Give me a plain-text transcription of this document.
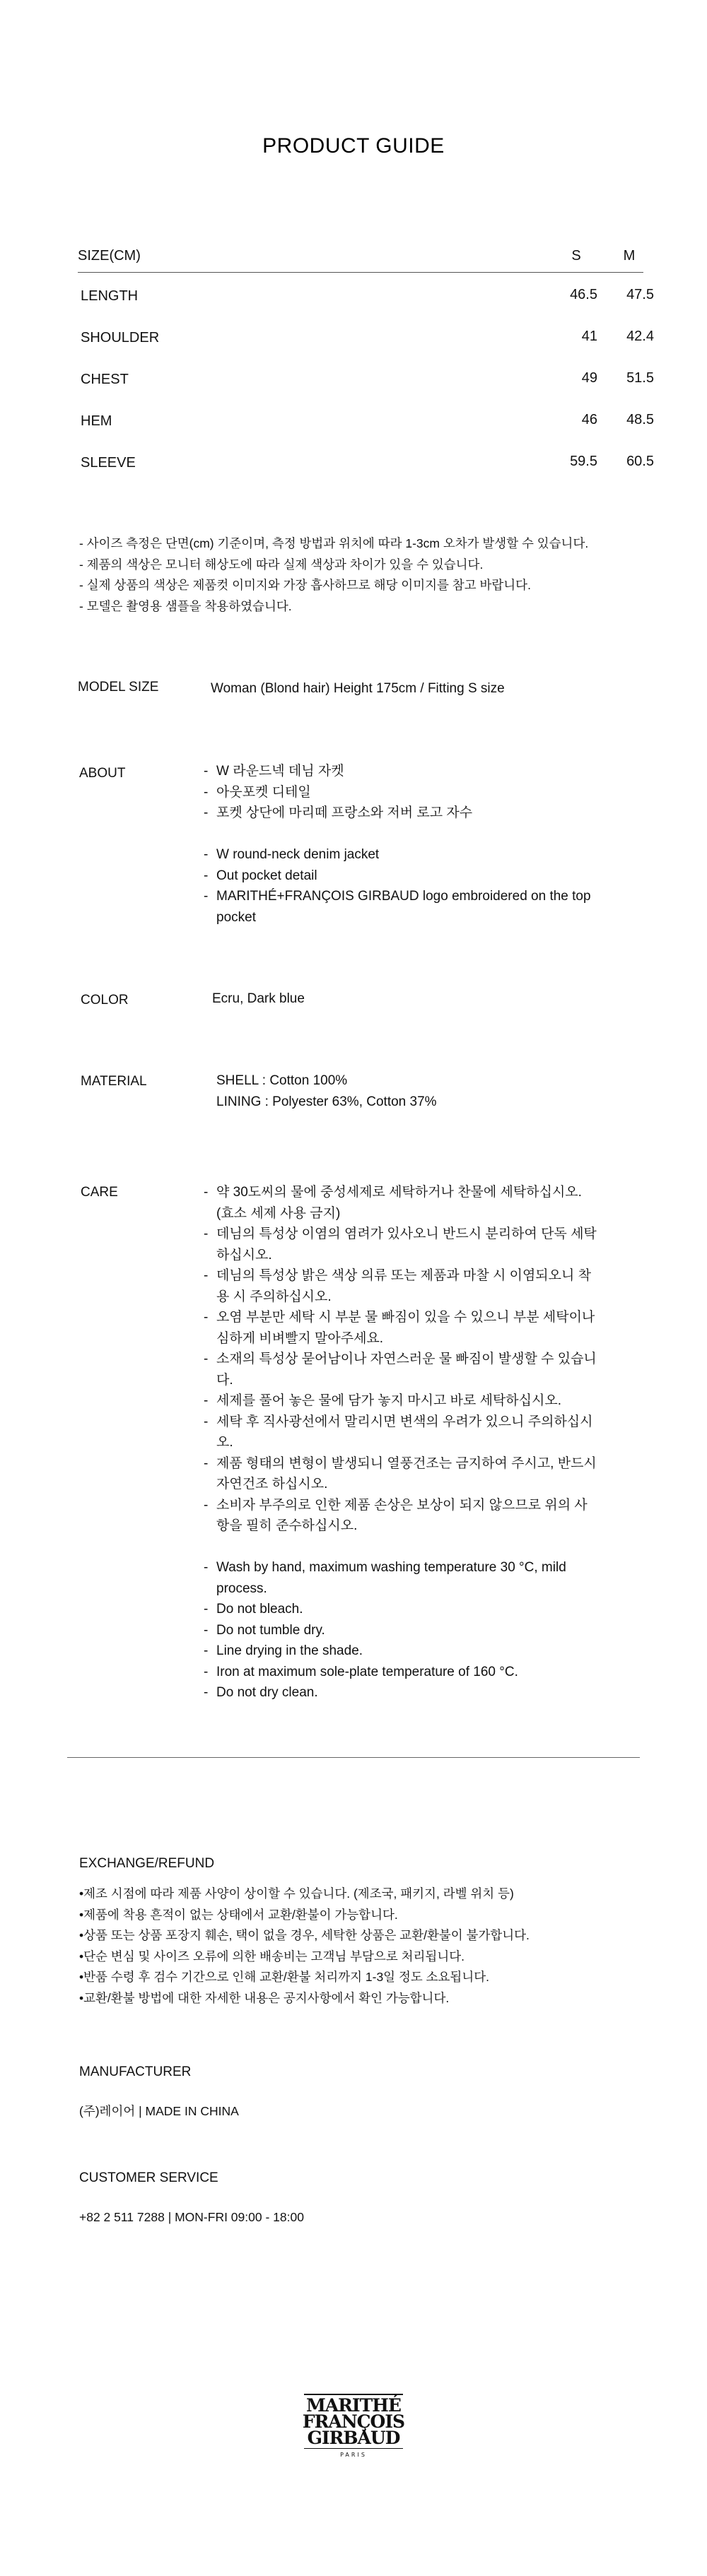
PRODUCT GUIDE
SIZE(CM)	S	M
LENGTH	46.5	47.5
SHOULDER	41	42.4
CHEST	49	51.5
HEM	46	48.5
SLEEVE	59.5	60.5
- 사이즈 측정은 단면(cm) 기준이며, 측정 방법과 위치에 따라 1-3cm 오차가 발생할 수 있습니다.
- 제품의 색상은 모니터 해상도에 따라 실제 색상과 차이가 있을 수 있습니다.
- 실제 상품의 색상은 제품컷 이미지와 가장 흡사하므로 해당 이미지를 참고 바랍니다.
- 모델은 촬영용 샘플을 착용하였습니다.
MODEL SIZE	Woman (Blond hair) Height 175cm / Fitting S size
ABOUT	- W 라운드넥 데님 자켓
- 아웃포켓 디테일
- 포켓 상단에 마리떼 프랑소와 저버 로고 자수
- W round-neck denim jacket
- Out pocket detail
- MARITHÉ+FRANÇOIS GIRBAUD logo embroidered on the top pocket
COLOR	Ecru, Dark blue
MATERIAL	SHELL : Cotton 100%
LINING : Polyester 63%, Cotton 37%
CARE	- 약 30도씨의 물에 중성세제로 세탁하거나 찬물에 세탁하십시오. (효소 세제 사용 금지)
- 데님의 특성상 이염의 염려가 있사오니 반드시 분리하여 단독 세탁하십시오.
- 데님의 특성상 밝은 색상 의류 또는 제품과 마찰 시 이염되오니 착용 시 주의하십시오.
- 오염 부분만 세탁 시 부분 물 빠짐이 있을 수 있으니 부분 세탁이나 심하게 비벼빨지 말아주세요.
- 소재의 특성상 묻어남이나 자연스러운 물 빠짐이 발생할 수 있습니다.
- 세제를 풀어 놓은 물에 담가 놓지 마시고 바로 세탁하십시오.
- 세탁 후 직사광선에서 말리시면 변색의 우려가 있으니 주의하십시오.
- 제품 형태의 변형이 발생되니 열풍건조는 금지하여 주시고, 반드시 자연건조 하십시오.
- 소비자 부주의로 인한 제품 손상은 보상이 되지 않으므로 위의 사항을 필히 준수하십시오.
- Wash by hand, maximum washing temperature 30 °C, mild process.
- Do not bleach.
- Do not tumble dry.
- Line drying in the shade.
- Iron at maximum sole-plate temperature of 160 °C.
- Do not dry clean.
EXCHANGE/REFUND
•제조 시점에 따라 제품 사양이 상이할 수 있습니다. (제조국, 패키지, 라벨 위치 등)
•제품에 착용 흔적이 없는 상태에서 교환/환불이 가능합니다.
•상품 또는 상품 포장지 훼손, 택이 없을 경우, 세탁한 상품은 교환/환불이 불가합니다.
•단순 변심 및 사이즈 오류에 의한 배송비는 고객님 부담으로 처리됩니다.
•반품 수령 후 검수 기간으로 인해 교환/환불 처리까지 1-3일 정도 소요됩니다.
•교환/환불 방법에 대한 자세한 내용은 공지사항에서 확인 가능합니다.
MANUFACTURER
(주)레이어 | MADE IN CHINA
CUSTOMER SERVICE
+82 2 511 7288 | MON-FRI 09:00 - 18:00
MARITHÉ
FRANÇOIS
GIRBAUD
PARIS
